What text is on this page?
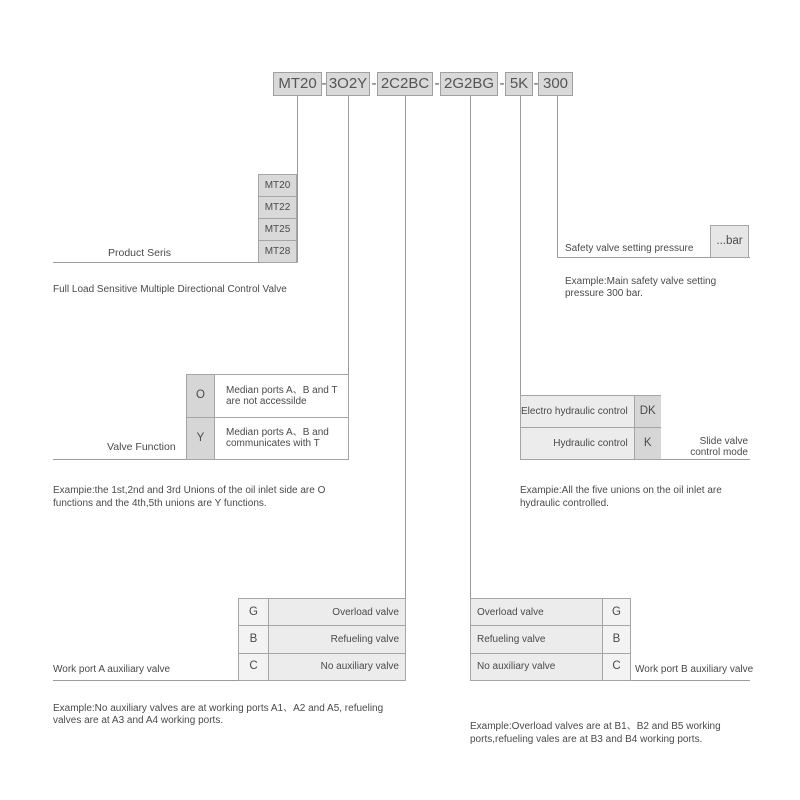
MT20 - 3O2Y - 2C2BC - 2G2BG - 5K - 300
MT20
MT22
MT25
MT28
Product Seris
Full Load Sensitive Multiple Directional Control Valve
O	Median ports A、B and T
are not accessilde
Y	Median ports A、B and
communicates with T
Valve Function
Exampie:the 1st,2nd and 3rd Unions of the oil inlet side are O
functions and the 4th,5th unions are Y functions.
G	Overload valve
B	Refueling valve
C	No auxiliary valve
Work port A auxiliary valve
Example:No auxiliary valves are at working ports A1、A2 and A5, refueling
valves are at A3 and A4 working ports.
Overload valve	G
Refueling valve	B
No auxiliary valve	C	Work port B auxiliary valve
Example:Overload valves are at B1、B2 and B5 working
ports,refueling vales are at B3 and B4 working ports.
Electro hydraulic control	DK
Hydraulic control	K	Slide valve
control mode
Exampie:All the five unions on the oil inlet are
hydraulic controlled.
...bar
Safety valve setting pressure
Example:Main safety valve setting
pressure 300 bar.
